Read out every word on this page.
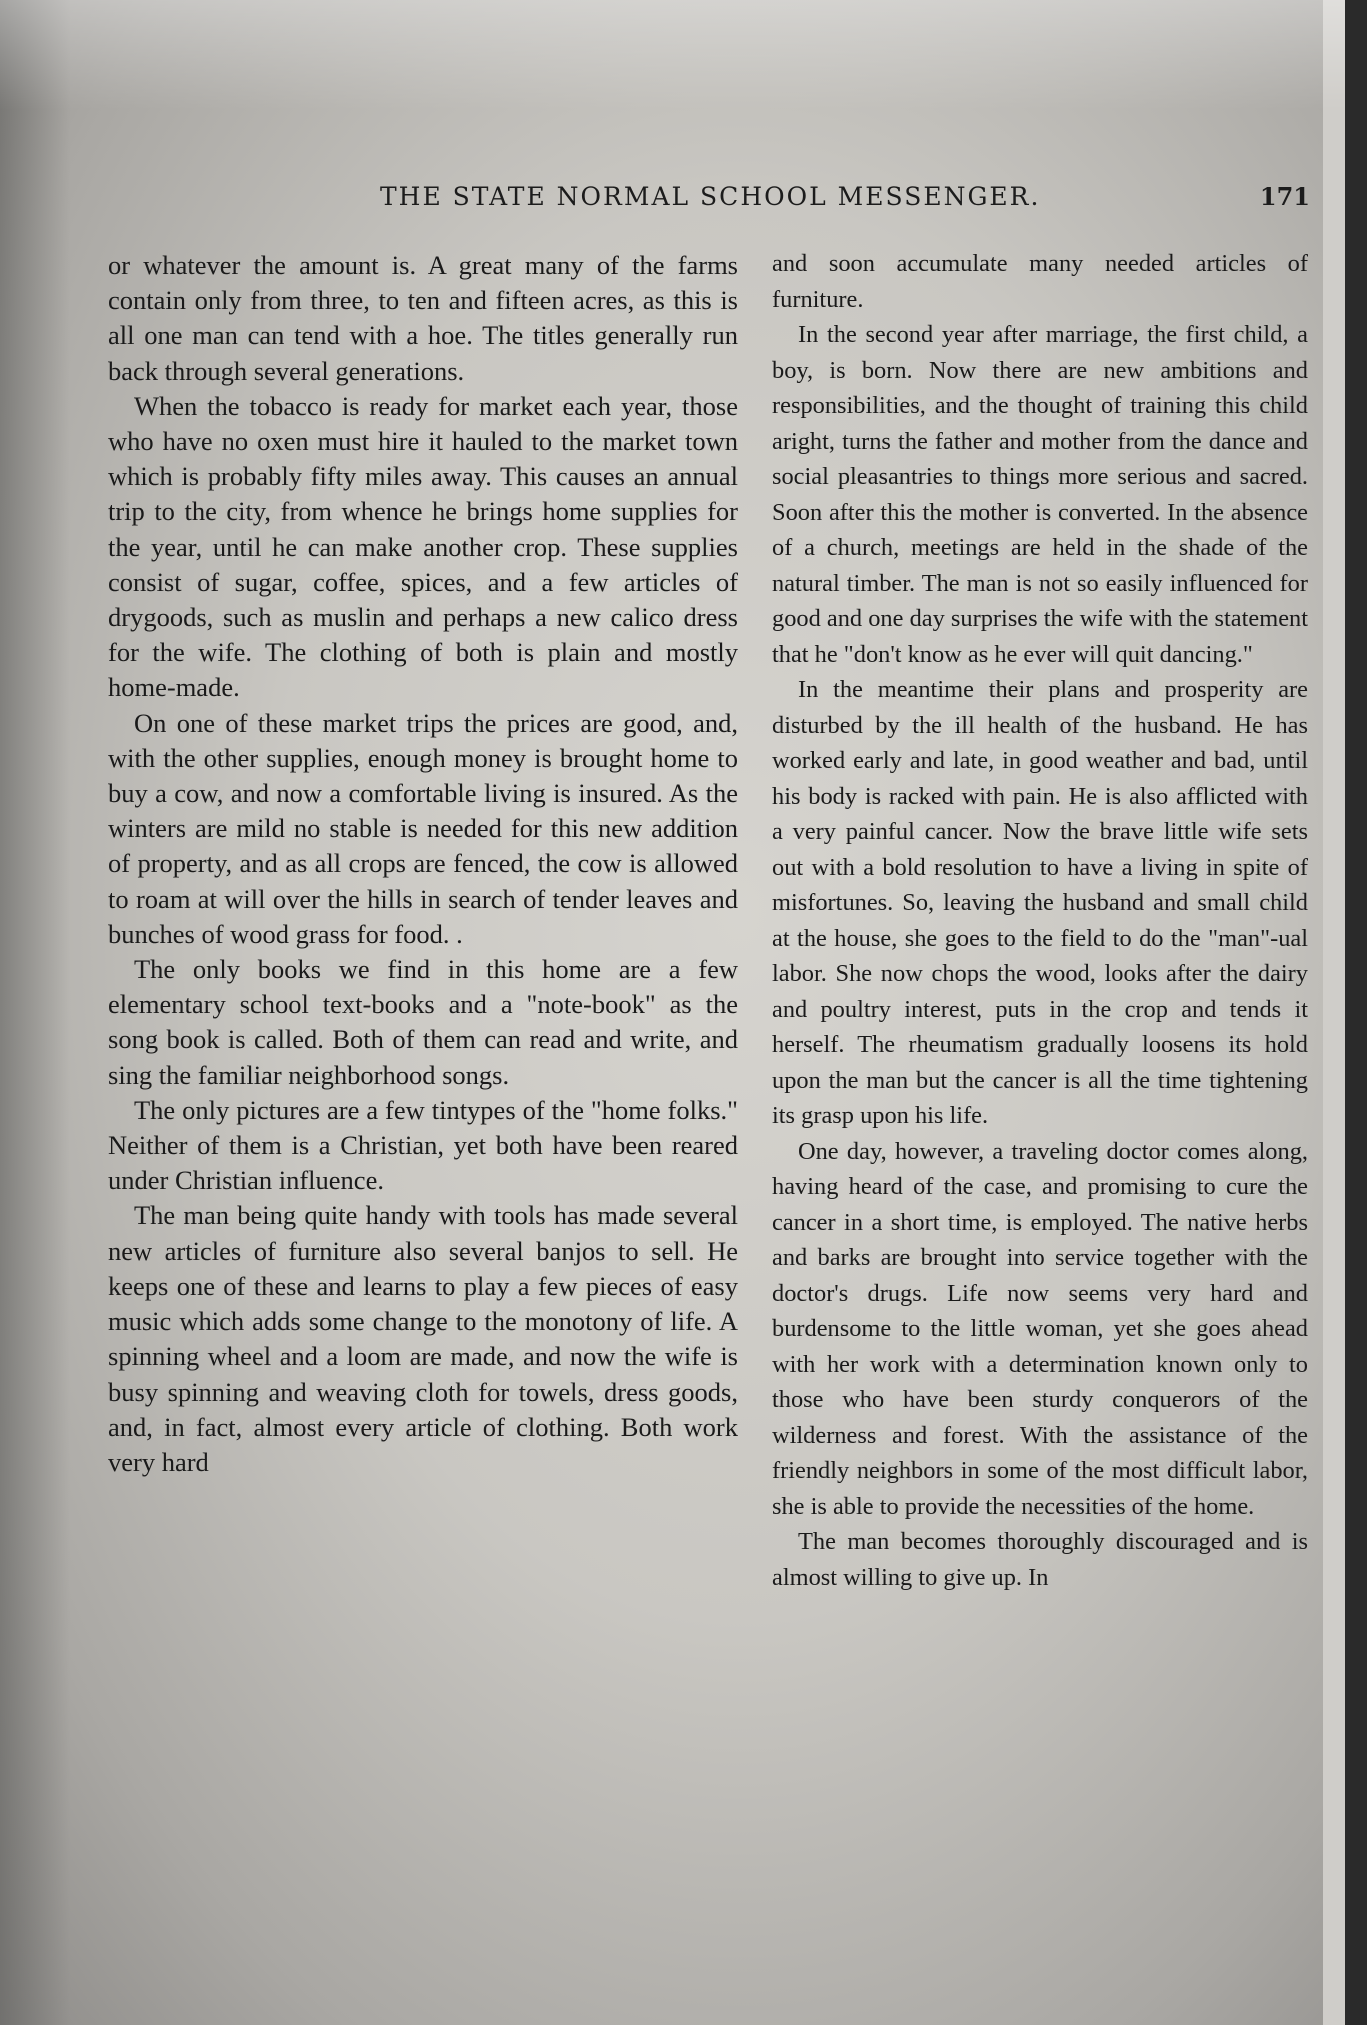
THE STATE NORMAL SCHOOL MESSENGER.	171

or whatever the amount is. A great many of the farms contain only from three, to ten and fifteen acres, as this is all one man can tend with a hoe. The titles generally run back through several generations.

When the tobacco is ready for market each year, those who have no oxen must hire it hauled to the market town which is probably fifty miles away. This causes an annual trip to the city, from whence he brings home supplies for the year, until he can make another crop. These supplies consist of sugar, coffee, spices, and a few articles of drygoods, such as muslin and perhaps a new calico dress for the wife. The clothing of both is plain and mostly home-made.

On one of these market trips the prices are good, and, with the other supplies, enough money is brought home to buy a cow, and now a comfortable living is insured. As the winters are mild no stable is needed for this new addition of property, and as all crops are fenced, the cow is allowed to roam at will over the hills in search of tender leaves and bunches of wood grass for food. .

The only books we find in this home are a few elementary school text-books and a "note-book" as the song book is called. Both of them can read and write, and sing the familiar neighborhood songs.

The only pictures are a few tintypes of the "home folks." Neither of them is a Christian, yet both have been reared under Christian influence.

The man being quite handy with tools has made several new articles of furniture also several banjos to sell. He keeps one of these and learns to play a few pieces of easy music which adds some change to the monotony of life. A spinning wheel and a loom are made, and now the wife is busy spinning and weaving cloth for towels, dress goods, and, in fact, almost every article of clothing. Both work very hard

and soon accumulate many needed articles of furniture.

In the second year after marriage, the first child, a boy, is born. Now there are new ambitions and responsibilities, and the thought of training this child aright, turns the father and mother from the dance and social pleasantries to things more serious and sacred. Soon after this the mother is converted. In the absence of a church, meetings are held in the shade of the natural timber. The man is not so easily influenced for good and one day surprises the wife with the statement that he "don't know as he ever will quit dancing."

In the meantime their plans and prosperity are disturbed by the ill health of the husband. He has worked early and late, in good weather and bad, until his body is racked with pain. He is also afflicted with a very painful cancer. Now the brave little wife sets out with a bold resolution to have a living in spite of misfortunes. So, leaving the husband and small child at the house, she goes to the field to do the "man"-ual labor. She now chops the wood, looks after the dairy and poultry interest, puts in the crop and tends it herself. The rheumatism gradually loosens its hold upon the man but the cancer is all the time tightening its grasp upon his life.

One day, however, a traveling doctor comes along, having heard of the case, and promising to cure the cancer in a short time, is employed. The native herbs and barks are brought into service together with the doctor's drugs. Life now seems very hard and burdensome to the little woman, yet she goes ahead with her work with a determination known only to those who have been sturdy conquerors of the wilderness and forest. With the assistance of the friendly neighbors in some of the most difficult labor, she is able to provide the necessities of the home.

The man becomes thoroughly discouraged and is almost willing to give up. In
